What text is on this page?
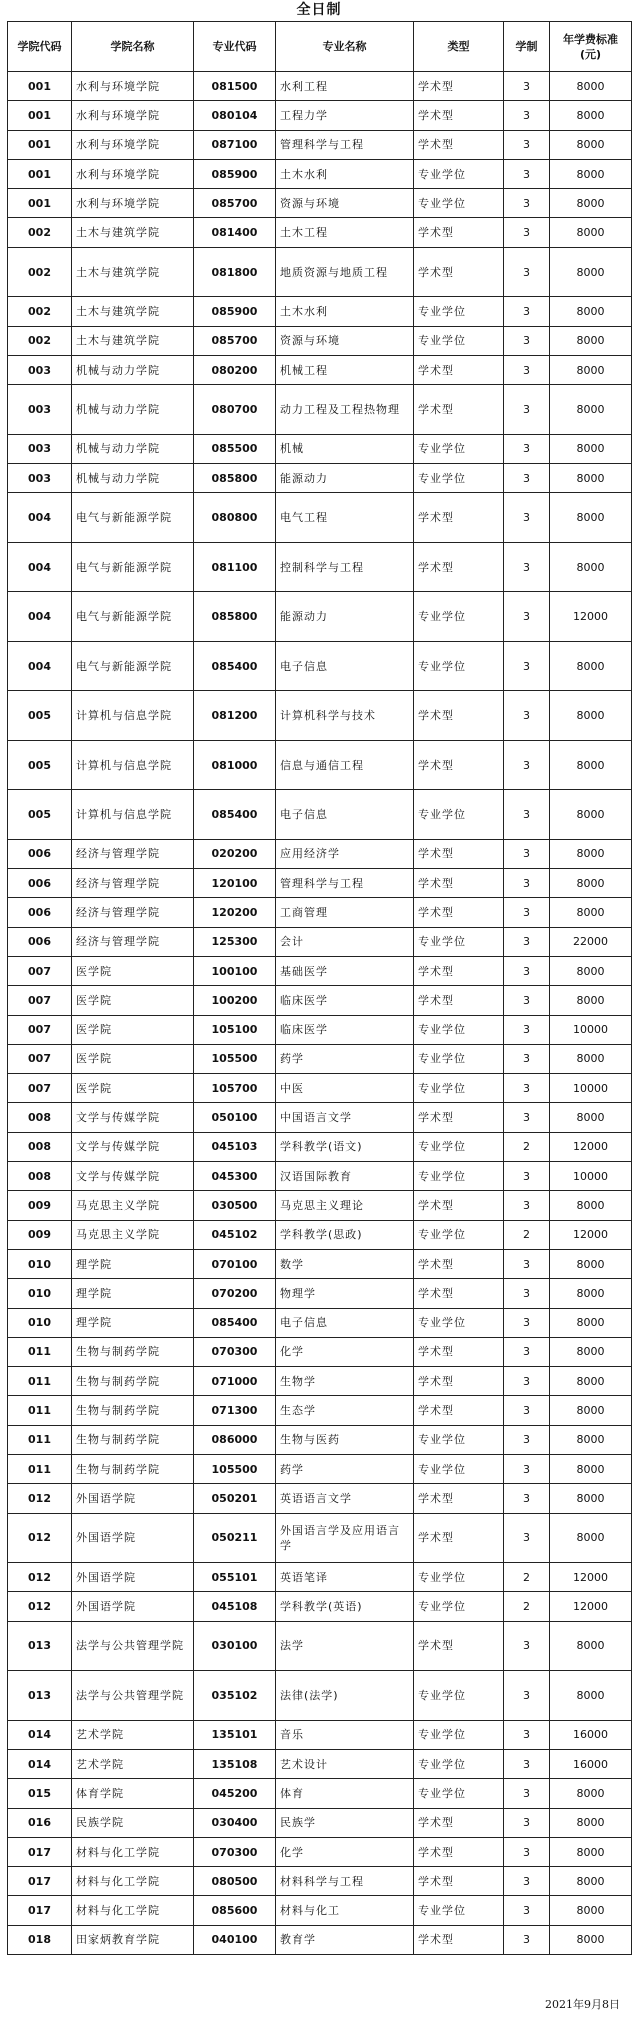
全日制
学院代码	学院名称	专业代码	专业名称	类型	学制	年学费标准(元)
001	水利与环境学院	081500	水利工程	学术型	3	8000
001	水利与环境学院	080104	工程力学	学术型	3	8000
001	水利与环境学院	087100	管理科学与工程	学术型	3	8000
001	水利与环境学院	085900	土木水利	专业学位	3	8000
001	水利与环境学院	085700	资源与环境	专业学位	3	8000
002	土木与建筑学院	081400	土木工程	学术型	3	8000
002	土木与建筑学院	081800	地质资源与地质工程	学术型	3	8000
002	土木与建筑学院	085900	土木水利	专业学位	3	8000
002	土木与建筑学院	085700	资源与环境	专业学位	3	8000
003	机械与动力学院	080200	机械工程	学术型	3	8000
003	机械与动力学院	080700	动力工程及工程热物理	学术型	3	8000
003	机械与动力学院	085500	机械	专业学位	3	8000
003	机械与动力学院	085800	能源动力	专业学位	3	8000
004	电气与新能源学院	080800	电气工程	学术型	3	8000
004	电气与新能源学院	081100	控制科学与工程	学术型	3	8000
004	电气与新能源学院	085800	能源动力	专业学位	3	12000
004	电气与新能源学院	085400	电子信息	专业学位	3	8000
005	计算机与信息学院	081200	计算机科学与技术	学术型	3	8000
005	计算机与信息学院	081000	信息与通信工程	学术型	3	8000
005	计算机与信息学院	085400	电子信息	专业学位	3	8000
006	经济与管理学院	020200	应用经济学	学术型	3	8000
006	经济与管理学院	120100	管理科学与工程	学术型	3	8000
006	经济与管理学院	120200	工商管理	学术型	3	8000
006	经济与管理学院	125300	会计	专业学位	3	22000
007	医学院	100100	基础医学	学术型	3	8000
007	医学院	100200	临床医学	学术型	3	8000
007	医学院	105100	临床医学	专业学位	3	10000
007	医学院	105500	药学	专业学位	3	8000
007	医学院	105700	中医	专业学位	3	10000
008	文学与传媒学院	050100	中国语言文学	学术型	3	8000
008	文学与传媒学院	045103	学科教学(语文)	专业学位	2	12000
008	文学与传媒学院	045300	汉语国际教育	专业学位	3	10000
009	马克思主义学院	030500	马克思主义理论	学术型	3	8000
009	马克思主义学院	045102	学科教学(思政)	专业学位	2	12000
010	理学院	070100	数学	学术型	3	8000
010	理学院	070200	物理学	学术型	3	8000
010	理学院	085400	电子信息	专业学位	3	8000
011	生物与制药学院	070300	化学	学术型	3	8000
011	生物与制药学院	071000	生物学	学术型	3	8000
011	生物与制药学院	071300	生态学	学术型	3	8000
011	生物与制药学院	086000	生物与医药	专业学位	3	8000
011	生物与制药学院	105500	药学	专业学位	3	8000
012	外国语学院	050201	英语语言文学	学术型	3	8000
012	外国语学院	050211	外国语言学及应用语言学	学术型	3	8000
012	外国语学院	055101	英语笔译	专业学位	2	12000
012	外国语学院	045108	学科教学(英语)	专业学位	2	12000
013	法学与公共管理学院	030100	法学	学术型	3	8000
013	法学与公共管理学院	035102	法律(法学)	专业学位	3	8000
014	艺术学院	135101	音乐	专业学位	3	16000
014	艺术学院	135108	艺术设计	专业学位	3	16000
015	体育学院	045200	体育	专业学位	3	8000
016	民族学院	030400	民族学	学术型	3	8000
017	材料与化工学院	070300	化学	学术型	3	8000
017	材料与化工学院	080500	材料科学与工程	学术型	3	8000
017	材料与化工学院	085600	材料与化工	专业学位	3	8000
018	田家炳教育学院	040100	教育学	学术型	3	8000
2021年9月8日
